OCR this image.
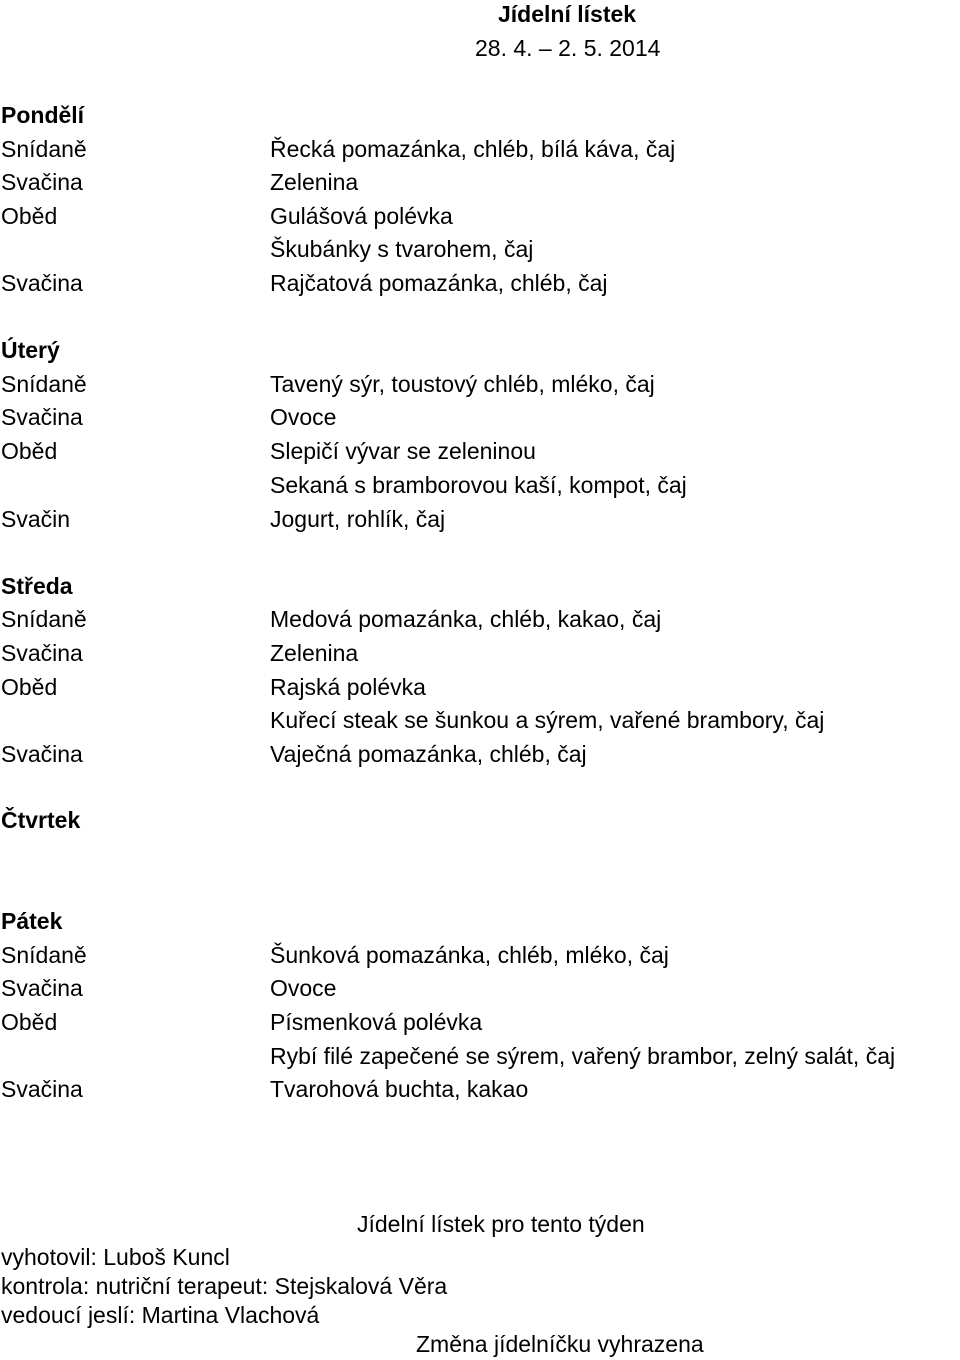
Jídelní lístek
28. 4. – 2. 5. 2014
Pondělí
Snídaně	Řecká pomazánka, chléb, bílá káva, čaj
Svačina	Zelenina
Oběd	Gulášová polévka
Škubánky s tvarohem, čaj
Svačina	Rajčatová pomazánka, chléb, čaj
Úterý
Snídaně	Tavený sýr, toustový chléb, mléko, čaj
Svačina	Ovoce
Oběd	Slepičí vývar se zeleninou
Sekaná s bramborovou kaší, kompot, čaj
Svačin	Jogurt, rohlík, čaj
Středa
Snídaně	Medová pomazánka, chléb, kakao, čaj
Svačina	Zelenina
Oběd	Rajská polévka
Kuřecí steak se šunkou a sýrem, vařené brambory, čaj
Svačina	Vaječná pomazánka, chléb, čaj
Čtvrtek
Pátek
Snídaně	Šunková pomazánka, chléb, mléko, čaj
Svačina	Ovoce
Oběd	Písmenková polévka
Rybí filé zapečené se sýrem, vařený brambor, zelný salát, čaj
Svačina	Tvarohová buchta, kakao
Jídelní lístek pro tento týden
vyhotovil: Luboš Kuncl
kontrola: nutriční terapeut: Stejskalová Věra
vedoucí jeslí: Martina Vlachová
Změna jídelníčku vyhrazena
